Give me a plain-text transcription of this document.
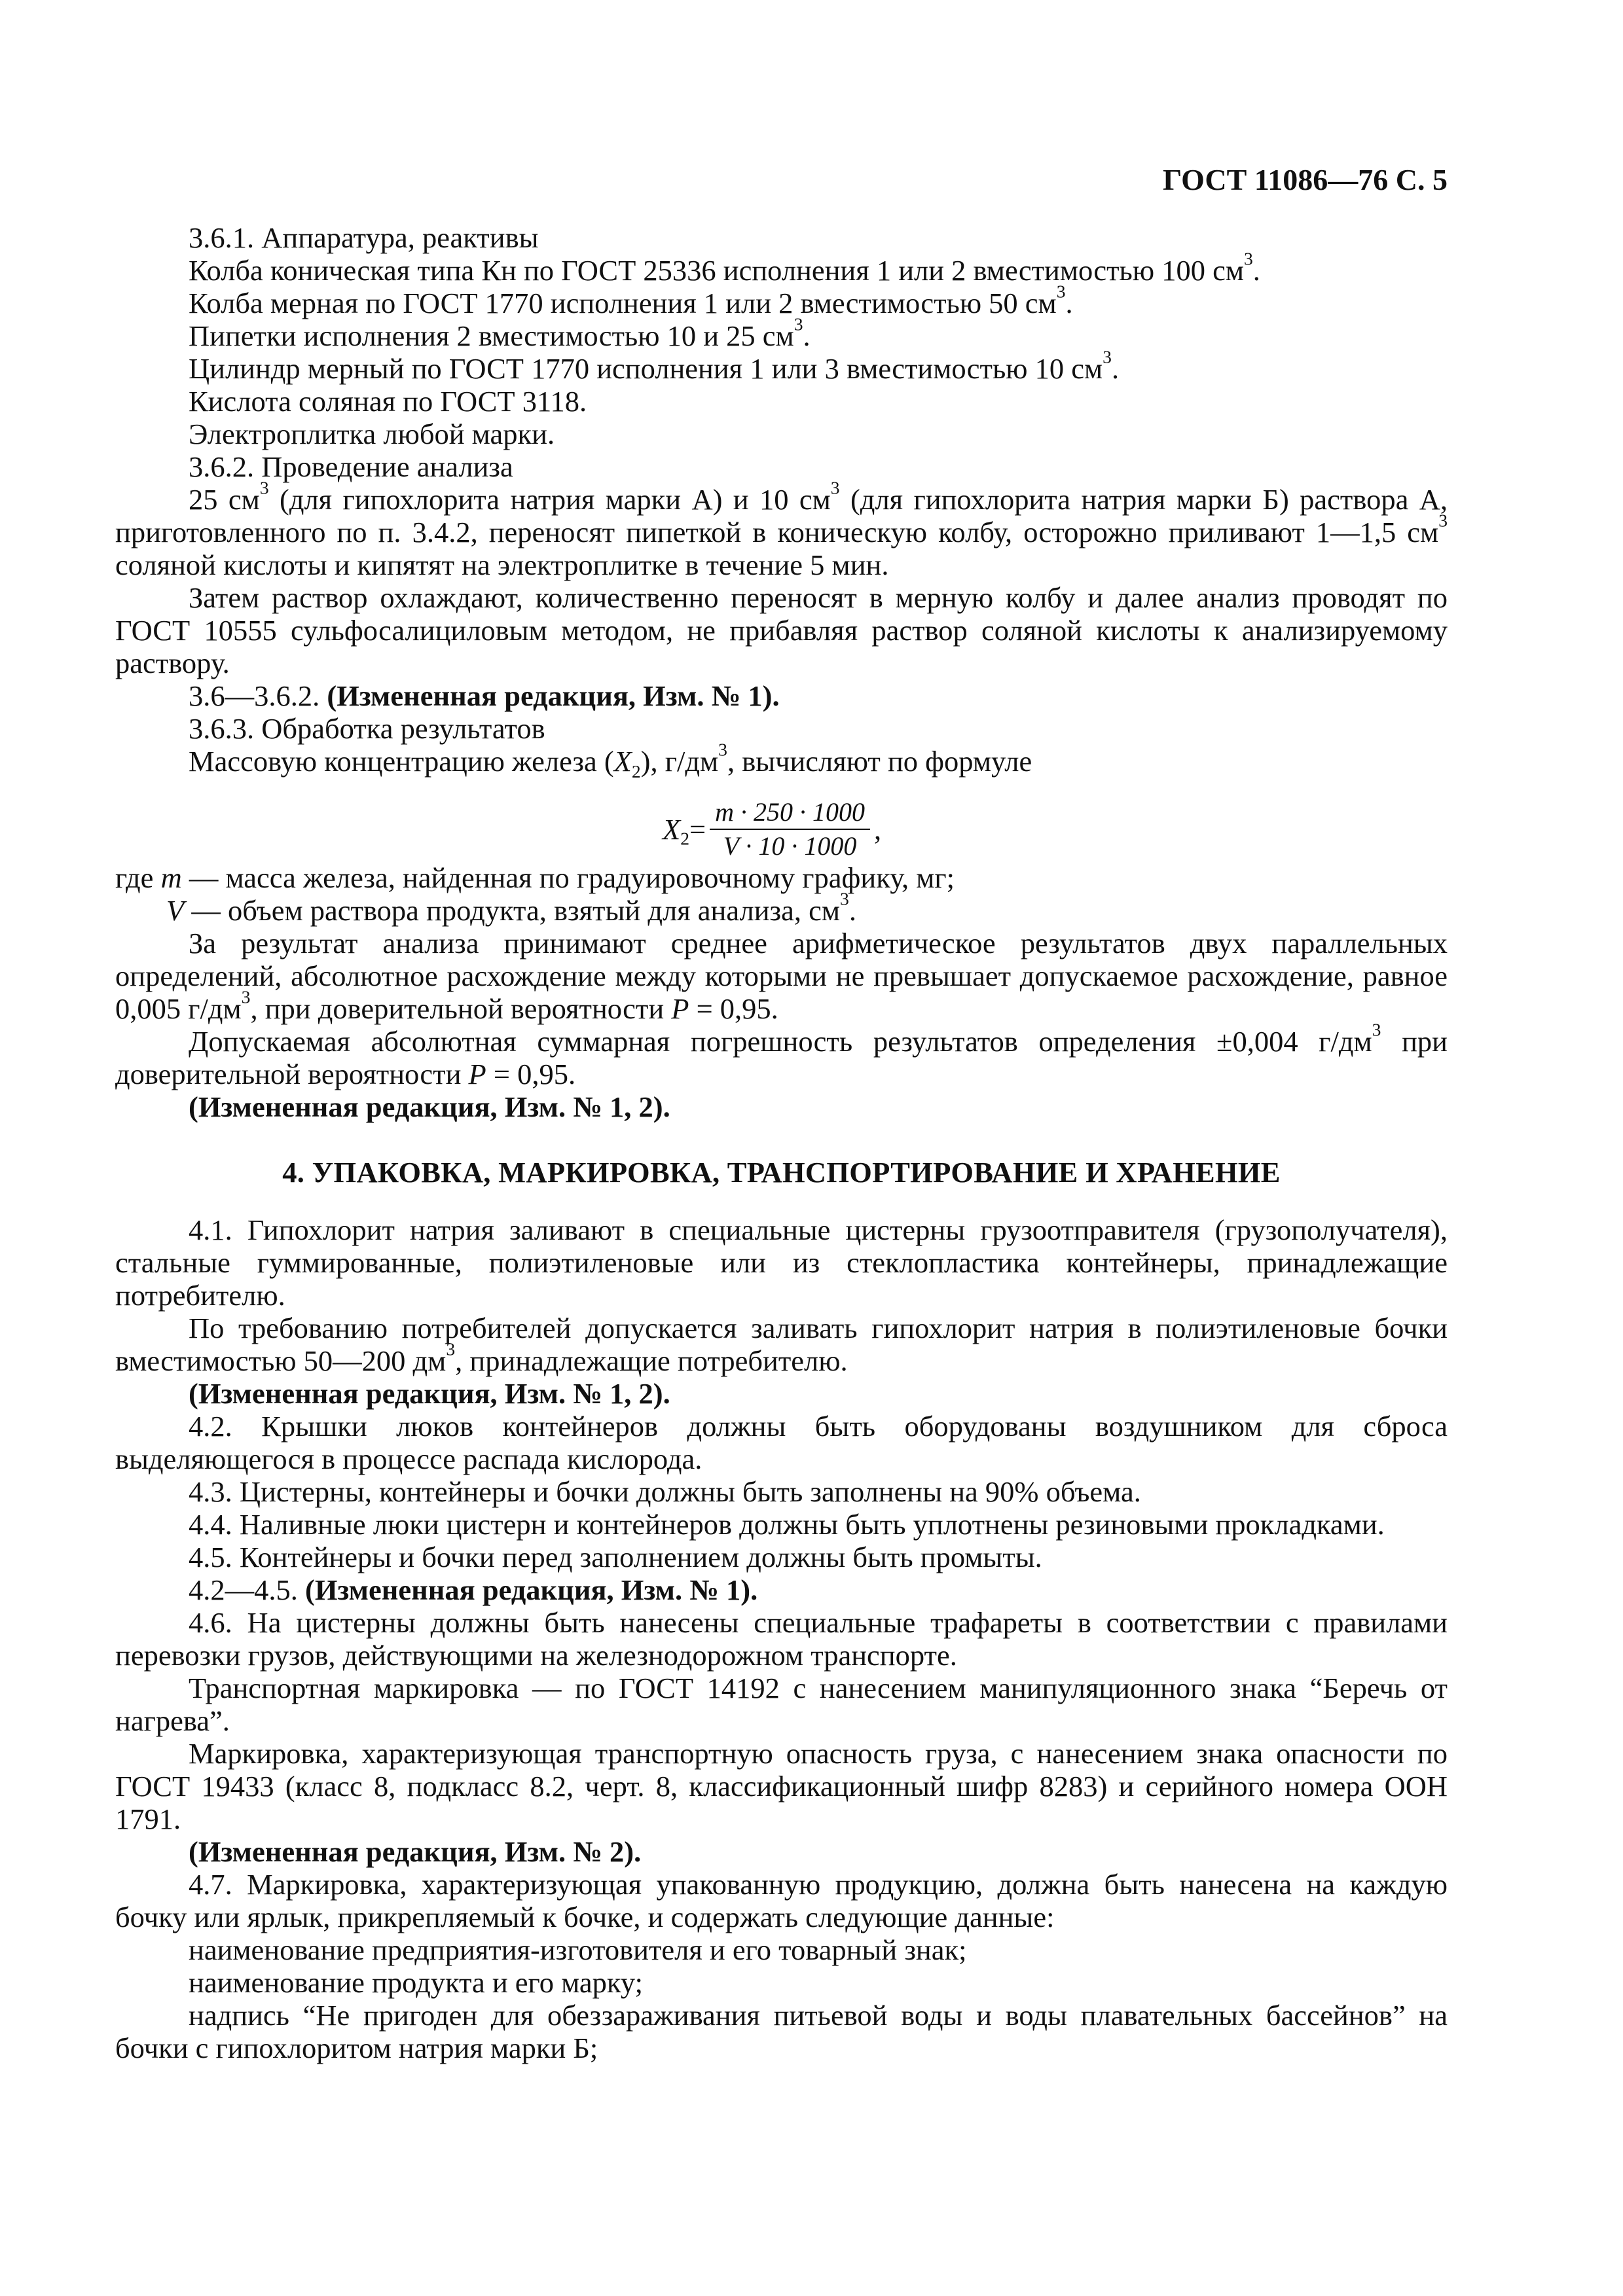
ГОСТ 11086—76 С. 5

3.6.1. Аппаратура, реактивы

Колба коническая типа Кн по ГОСТ 25336 исполнения 1 или 2 вместимостью 100 $см^3$.

Колба мерная по ГОСТ 1770 исполнения 1 или 2 вместимостью 50 $см^3$.

Пипетки исполнения 2 вместимостью 10 и 25 $см^3$.

Цилиндр мерный по ГОСТ 1770 исполнения 1 или 3 вместимостью 10 $см^3$.

Кислота соляная по ГОСТ 3118.

Электроплитка любой марки.

3.6.2. Проведение анализа

25 $см^3$ (для гипохлорита натрия марки А) и 10 $см^3$ (для гипохлорита натрия марки Б) раствора А, приготовленного по п. 3.4.2, переносят пипеткой в коническую колбу, осторожно приливают 1—1,5 $см^3$ соляной кислоты и кипятят на электроплитке в течение 5 мин.

Затем раствор охлаждают, количественно переносят в мерную колбу и далее анализ проводят по ГОСТ 10555 сульфосалициловым методом, не прибавляя раствор соляной кислоты к анализируемому раствору.

3.6—3.6.2. (Измененная редакция, Изм. № 1).

3.6.3. Обработка результатов

Массовую концентрацию железа $(X_2)$, $г/дм^3$, вычисляют по формуле

$X_2 = \frac{m \cdot 250 \cdot 1000}{V \cdot 10 \cdot 1000}$ ,

где m — масса железа, найденная по градуировочному графику, мг;

V — объем раствора продукта, взятый для анализа, $см^3$.

За результат анализа принимают среднее арифметическое результатов двух параллельных определений, абсолютное расхождение между которыми не превышает допускаемое расхождение, равное 0,005 $г/дм^3$, при доверительной вероятности P = 0,95.

Допускаемая абсолютная суммарная погрешность результатов определения ±0,004 $г/дм^3$ при доверительной вероятности P = 0,95.

(Измененная редакция, Изм. № 1, 2).

4. УПАКОВКА, МАРКИРОВКА, ТРАНСПОРТИРОВАНИЕ И ХРАНЕНИЕ

4.1. Гипохлорит натрия заливают в специальные цистерны грузоотправителя (грузополучателя), стальные гуммированные, полиэтиленовые или из стеклопластика контейнеры, принадлежащие потребителю.

По требованию потребителей допускается заливать гипохлорит натрия в полиэтиленовые бочки вместимостью 50—200 $дм^3$, принадлежащие потребителю.

(Измененная редакция, Изм. № 1, 2).

4.2. Крышки люков контейнеров должны быть оборудованы воздушником для сброса выделяющегося в процессе распада кислорода.

4.3. Цистерны, контейнеры и бочки должны быть заполнены на 90% объема.

4.4. Наливные люки цистерн и контейнеров должны быть уплотнены резиновыми прокладками.

4.5. Контейнеры и бочки перед заполнением должны быть промыты.

4.2—4.5. (Измененная редакция, Изм. № 1).

4.6. На цистерны должны быть нанесены специальные трафареты в соответствии с правилами перевозки грузов, действующими на железнодорожном транспорте.

Транспортная маркировка — по ГОСТ 14192 с нанесением манипуляционного знака “Беречь от нагрева”.

Маркировка, характеризующая транспортную опасность груза, с нанесением знака опасности по ГОСТ 19433 (класс 8, подкласс 8.2, черт. 8, классификационный шифр 8283) и серийного номера ООН 1791.

(Измененная редакция, Изм. № 2).

4.7. Маркировка, характеризующая упакованную продукцию, должна быть нанесена на каждую бочку или ярлык, прикрепляемый к бочке, и содержать следующие данные:

наименование предприятия-изготовителя и его товарный знак;

наименование продукта и его марку;

надпись “Не пригоден для обеззараживания питьевой воды и воды плавательных бассейнов” на бочки с гипохлоритом натрия марки Б;
